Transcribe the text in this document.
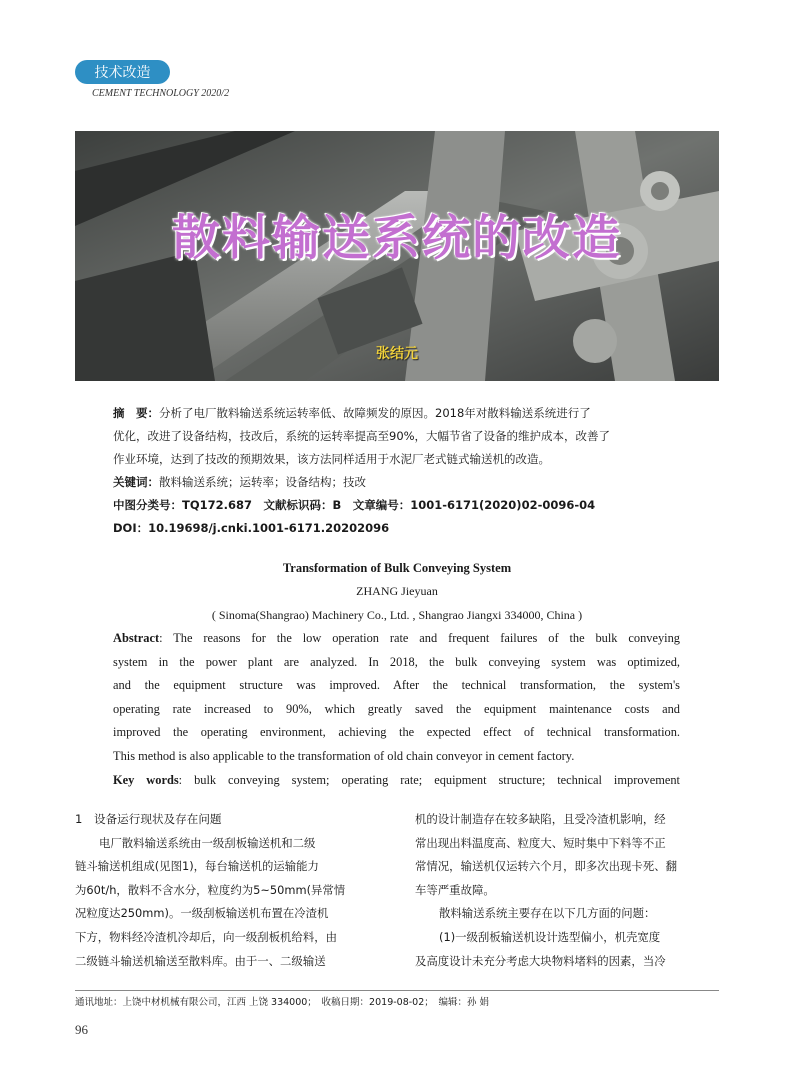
技术改造
CEMENT TECHNOLOGY 2020/2
散料输送系统的改造
张结元
摘　要：分析了电厂散料输送系统运转率低、故障频发的原因。2018年对散料输送系统进行了
优化，改进了设备结构，技改后，系统的运转率提高至90%，大幅节省了设备的维护成本，改善了
作业环境，达到了技改的预期效果，该方法同样适用于水泥厂老式链式输送机的改造。
关键词：散料输送系统；运转率；设备结构；技改
中图分类号：TQ172.687　文献标识码：B　文章编号：1001-6171(2020)02-0096-04
DOI：10.19698/j.cnki.1001-6171.20202096
Transformation of Bulk Conveying System
ZHANG Jieyuan
( Sinoma(Shangrao) Machinery Co., Ltd. , Shangrao Jiangxi 334000, China )
Abstract: The reasons for the low operation rate and frequent failures of the bulk conveying
system in the power plant are analyzed. In 2018, the bulk conveying system was optimized,
and the equipment structure was improved. After the technical transformation, the system's
operating rate increased to 90%, which greatly saved the equipment maintenance costs and
improved the operating environment, achieving the expected effect of technical transformation.
This method is also applicable to the transformation of old chain conveyor in cement factory.
Key words: bulk conveying system; operating rate; equipment structure; technical improvement
1　设备运行现状及存在问题
电厂散料输送系统由一级刮板输送机和二级
链斗输送机组成(见图1)，每台输送机的运输能力
为60t/h，散料不含水分，粒度约为5~50mm(异常情
况粒度达250mm)。一级刮板输送机布置在冷渣机
下方，物料经冷渣机冷却后，向一级刮板机给料，由
二级链斗输送机输送至散料库。由于一、二级输送
机的设计制造存在较多缺陷，且受冷渣机影响，经
常出现出料温度高、粒度大、短时集中下料等不正
常情况，输送机仅运转六个月，即多次出现卡死、翻
车等严重故障。
散料输送系统主要存在以下几方面的问题：
(1)一级刮板输送机设计选型偏小，机壳宽度
及高度设计未充分考虑大块物料堵料的因素，当冷
通讯地址：上饶中材机械有限公司，江西 上饶 334000；　收稿日期：2019-08-02；　编辑：孙 娟
96
